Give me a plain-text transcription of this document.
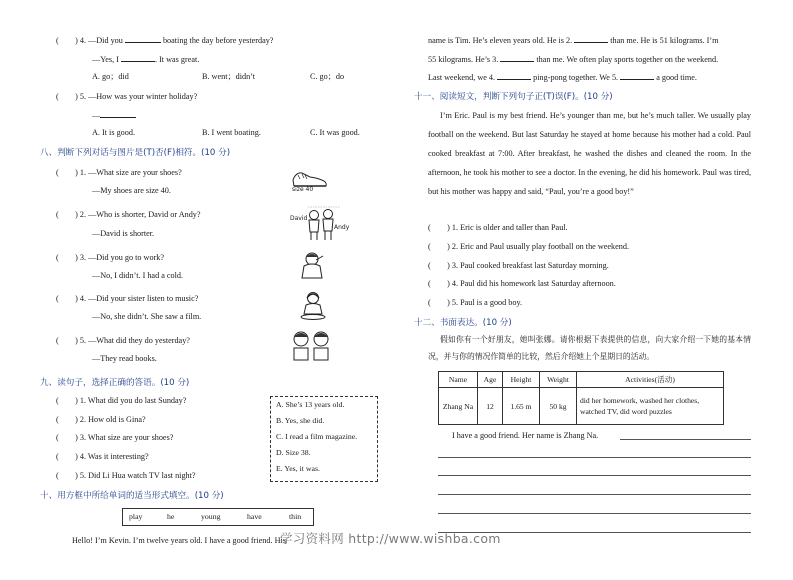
(　　) 4. —Did you	boating the day before yesterday?
—Yes, I	. It was great.
A. go；did	B. went；didn’t	C. go；do
(　　) 5. —How was your winter holiday?
—
A. It is good.	B. I went boating.	C. It was good.
八、判断下列对话与图片是(T)否(F)相符。(10 分)
(　　) 1. —What size are your shoes?
—My shoes are size 40.
(　　) 2. —Who is shorter, David or Andy?
—David is shorter.
(　　) 3. —Did you go to work?
—No, I didn’t. I had a cold.
(　　) 4. —Did your sister listen to music?
—No, she didn’t. She saw a film.
(　　) 5. —What did they do yesterday?
—They read books.
size 40
David
Andy
九、读句子，选择正确的答语。(10 分)
(　　) 1. What did you do last Sunday?
(　　) 2. How old is Gina?
(　　) 3. What size are your shoes?
(　　) 4. Was it interesting?
(　　) 5. Did Li Hua watch TV last night?
A. She’s 13 years old.
B. Yes, she did.
C. I read a film magazine.
D. Size 38.
E. Yes, it was.
十、用方框中所给单词的适当形式填空。(10 分)
play	he	young	have	thin
Hello! I’m Kevin. I’m twelve years old. I have a good friend. His
name is Tim. He’s eleven years old. He is 2.	than me. He is 51 kilograms. I’m
55 kilograms. He’s 3.	than me. We often play sports together on the weekend.
Last weekend, we 4.	ping-pong together. We 5.	a good time.
十一、阅读短文，判断下列句子正(T)误(F)。(10 分)
I’m Eric. Paul is my best friend. He’s younger than me, but he’s much taller. We usually play football on the weekend. But last Saturday he stayed at home because his mother had a cold. Paul cooked breakfast at 7:00. After breakfast, he washed the dishes and cleaned the room. In the afternoon, he took his mother to see a doctor. In the evening, he did his homework. Paul was tired, but his mother was happy and said, “Paul, you’re a good boy!”
(　　) 1. Eric is older and taller than Paul.
(　　) 2. Eric and Paul usually play football on the weekend.
(　　) 3. Paul cooked breakfast last Saturday morning.
(　　) 4. Paul did his homework last Saturday afternoon.
(　　) 5. Paul is a good boy.
十二、书面表达。(10 分)
假如你有一个好朋友，她叫张娜。请你根据下表提供的信息，向大家介绍一下她的基本情况，并与你的情况作简单的比较，然后介绍她上个星期日的活动。
Name	Age	Height	Weight	Activities(活动)
Zhang Na	12	1.65 m	50 kg	did her homework, washed her clothes, watched TV, did word puzzles
I have a good friend. Her name is Zhang Na.
学习资料网 http://www.wishba.com
